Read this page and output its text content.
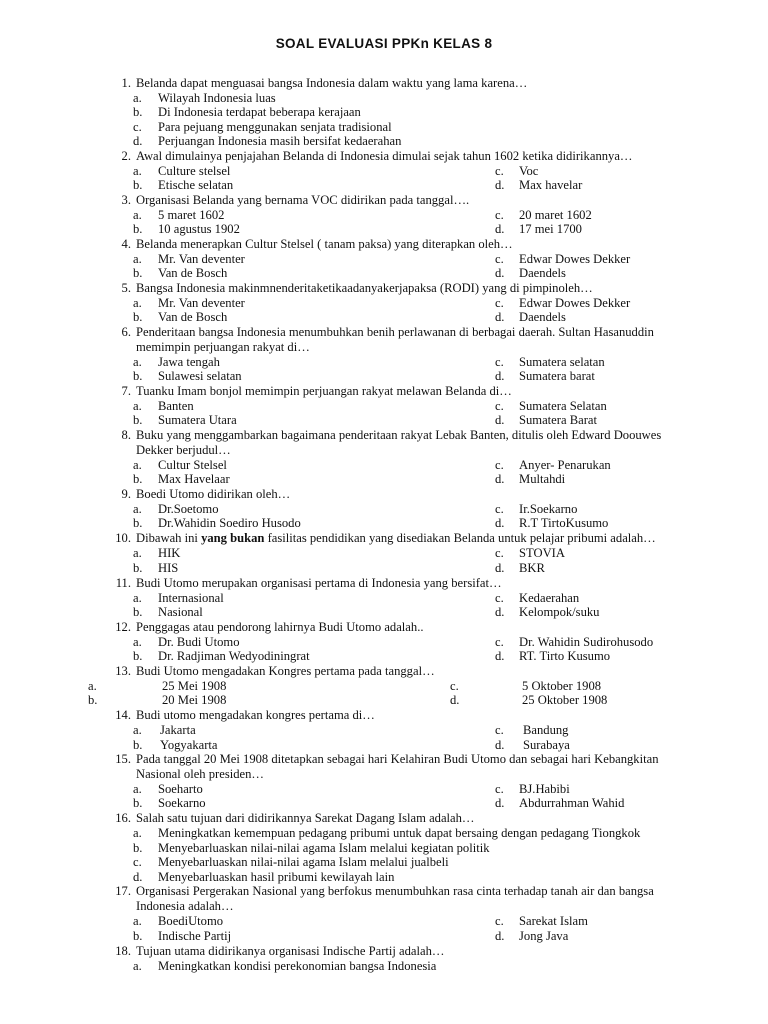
SOAL EVALUASI PPKn KELAS 8
1. Belanda dapat menguasai bangsa Indonesia dalam waktu yang lama karena…
a. Wilayah Indonesia luas
b. Di Indonesia terdapat beberapa kerajaan
c. Para pejuang menggunakan senjata tradisional
d. Perjuangan Indonesia masih bersifat kedaerahan
2. Awal dimulainya penjajahan Belanda di Indonesia dimulai sejak tahun 1602 ketika didirikannya…
a. Culture stelsel	c. Voc
b. Etische selatan	d. Max havelar
3. Organisasi Belanda yang bernama VOC didirikan pada tanggal….
a. 5 maret 1602	c. 20 maret 1602
b. 10 agustus 1902	d. 17 mei 1700
4. Belanda menerapkan Cultur Stelsel ( tanam paksa) yang diterapkan oleh…
a. Mr. Van deventer	c. Edwar Dowes Dekker
b. Van de Bosch	d. Daendels
5. Bangsa Indonesia makinmnenderitaketikaadanyakerjapaksa (RODI) yang di pimpinoleh…
a. Mr. Van deventer	c. Edwar Dowes Dekker
b. Van de Bosch	d. Daendels
6. Penderitaan bangsa Indonesia menumbuhkan benih perlawanan di berbagai daerah. Sultan Hasanuddin
memimpin perjuangan rakyat di…
a. Jawa tengah	c. Sumatera selatan
b. Sulawesi selatan	d. Sumatera barat
7. Tuanku Imam bonjol memimpin perjuangan rakyat melawan Belanda di…
a. Banten	c. Sumatera Selatan
b. Sumatera Utara	d. Sumatera Barat
8. Buku yang menggambarkan bagaimana penderitaan rakyat Lebak Banten, ditulis oleh Edward Doouwes
Dekker berjudul…
a. Cultur Stelsel	c. Anyer- Penarukan
b. Max Havelaar	d. Multahdi
9. Boedi Utomo didirikan oleh…
a. Dr.Soetomo	c. Ir.Soekarno
b. Dr.Wahidin Soediro Husodo	d. R.T TirtoKusumo
10. Dibawah ini yang bukan fasilitas pendidikan yang disediakan Belanda untuk pelajar pribumi adalah…
a. HIK	c. STOVIA
b. HIS	d. BKR
11. Budi Utomo merupakan organisasi pertama di Indonesia yang bersifat…
a. Internasional	c. Kedaerahan
b. Nasional	d. Kelompok/suku
12. Penggagas atau pendorong lahirnya Budi Utomo adalah..
a. Dr. Budi Utomo	c. Dr. Wahidin Sudirohusodo
b. Dr. Radjiman Wedyodiningrat	d. RT. Tirto Kusumo
13. Budi Utomo mengadakan Kongres pertama pada tanggal…
a.	25 Mei 1908	c.	5 Oktober 1908
b.	20 Mei 1908	d.	25 Oktober 1908
14. Budi utomo mengadakan kongres pertama di…
a. Jakarta	c. Bandung
b. Yogyakarta	d. Surabaya
15. Pada tanggal 20 Mei 1908 ditetapkan sebagai hari Kelahiran Budi Utomo dan sebagai hari Kebangkitan
Nasional oleh presiden…
a. Soeharto	c. BJ.Habibi
b. Soekarno	d. Abdurrahman Wahid
16. Salah satu tujuan dari didirikannya Sarekat Dagang Islam adalah…
a. Meningkatkan kemempuan pedagang pribumi untuk dapat bersaing dengan pedagang Tiongkok
b. Menyebarluaskan nilai-nilai agama Islam melalui kegiatan politik
c. Menyebarluaskan nilai-nilai agama Islam melalui jualbeli
d. Menyebarluaskan hasil pribumi kewilayah lain
17. Organisasi Pergerakan Nasional yang berfokus menumbuhkan rasa cinta terhadap tanah air dan bangsa
Indonesia adalah…
a. BoediUtomo	c. Sarekat Islam
b. Indische Partij	d. Jong Java
18. Tujuan utama didirikanya organisasi Indische Partij adalah…
a. Meningkatkan kondisi perekonomian bangsa Indonesia
